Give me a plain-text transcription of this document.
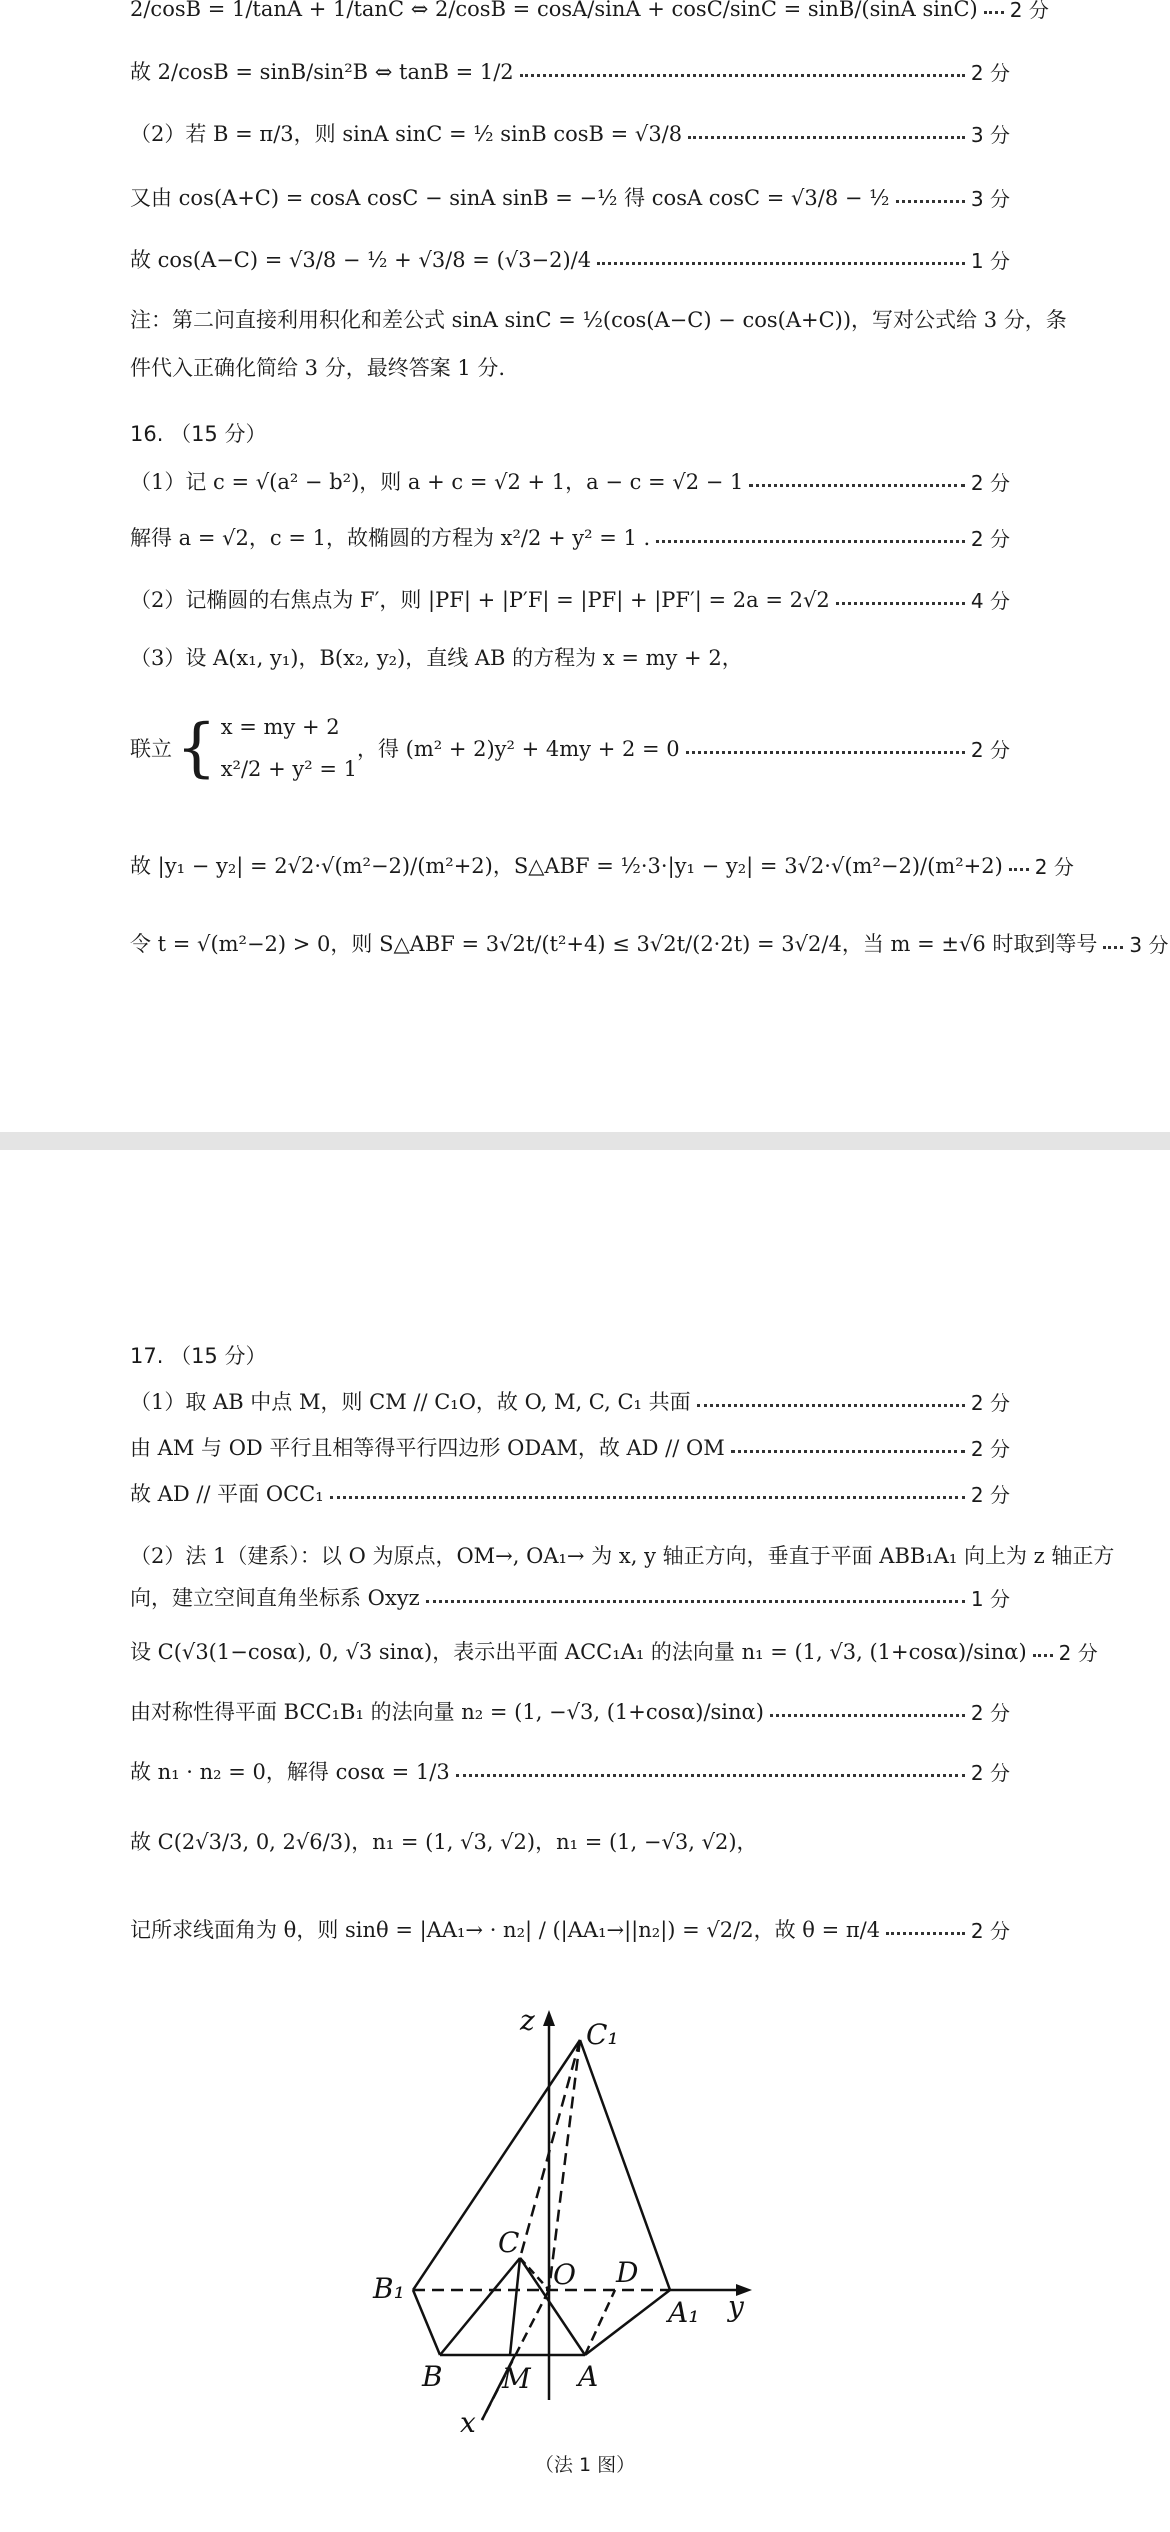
2/cosB = 1/tanA + 1/tanC ⇔ 2/cosB = cosA/sinA + cosC/sinC = sinB/(sinA sinC) 2 分
故 2/cosB = sinB/sin²B ⇔ tanB = 1/2	2 分
（2）若 B = π/3，则 sinA sinC = ½ sinB cosB = √3/8	3 分
又由 cos(A+C) = cosA cosC − sinA sinB = −½ 得 cosA cosC = √3/8 − ½	3 分
故 cos(A−C) = √3/8 − ½ + √3/8 = (√3−2)/4	1 分
注：第二问直接利用积化和差公式 sinA sinC = ½(cos(A−C) − cos(A+C))，写对公式给 3 分，条
件代入正确化简给 3 分，最终答案 1 分.
16. （15 分）
（1）记 c = √(a² − b²)，则 a + c = √2 + 1，a − c = √2 − 1	2 分
解得 a = √2，c = 1，故椭圆的方程为 x²/2 + y² = 1 .	2 分
（2）记椭圆的右焦点为 F′，则 |PF| + |P′F| = |PF| + |PF′| = 2a = 2√2	4 分
（3）设 A(x₁, y₁)，B(x₂, y₂)，直线 AB 的方程为 x = my + 2，
联立 { x = my + 2
x²/2 + y² = 1
，得 (m² + 2)y² + 4my + 2 = 0	2 分
故 |y₁ − y₂| = 2√2·√(m²−2)/(m²+2)，S△ABF = ½·3·|y₁ − y₂| = 3√2·√(m²−2)/(m²+2) 2 分
令 t = √(m²−2) > 0，则 S△ABF = 3√2t/(t²+4) ≤ 3√2t/(2·2t) = 3√2/4，当 m = ±√6 时取到等号 3 分
17. （15 分）
（1）取 AB 中点 M，则 CM // C₁O，故 O, M, C, C₁ 共面	2 分
由 AM 与 OD 平行且相等得平行四边形 ODAM，故 AD // OM	2 分
故 AD // 平面 OCC₁	2 分
（2）法 1（建系）：以 O 为原点，OM→, OA₁→ 为 x, y 轴正方向，垂直于平面 ABB₁A₁ 向上为 z 轴正方
向，建立空间直角坐标系 Oxyz	1 分
设 C(√3(1−cosα), 0, √3 sinα)，表示出平面 ACC₁A₁ 的法向量 n₁ = (1, √3, (1+cosα)/sinα) 2 分
由对称性得平面 BCC₁B₁ 的法向量 n₂ = (1, −√3, (1+cosα)/sinα)	2 分
故 n₁ · n₂ = 0，解得 cosα = 1/3	2 分
故 C(2√3/3, 0, 2√6/3)，n₁ = (1, √3, √2)，n₁ = (1, −√3, √2)，
记所求线面角为 θ，则 sinθ = |AA₁→ · n₂| / (|AA₁→||n₂|) = √2/2，故 θ = π/4	2 分
z C₁
C
O D
B₁
A₁ y
B M A
x
（法 1 图）
